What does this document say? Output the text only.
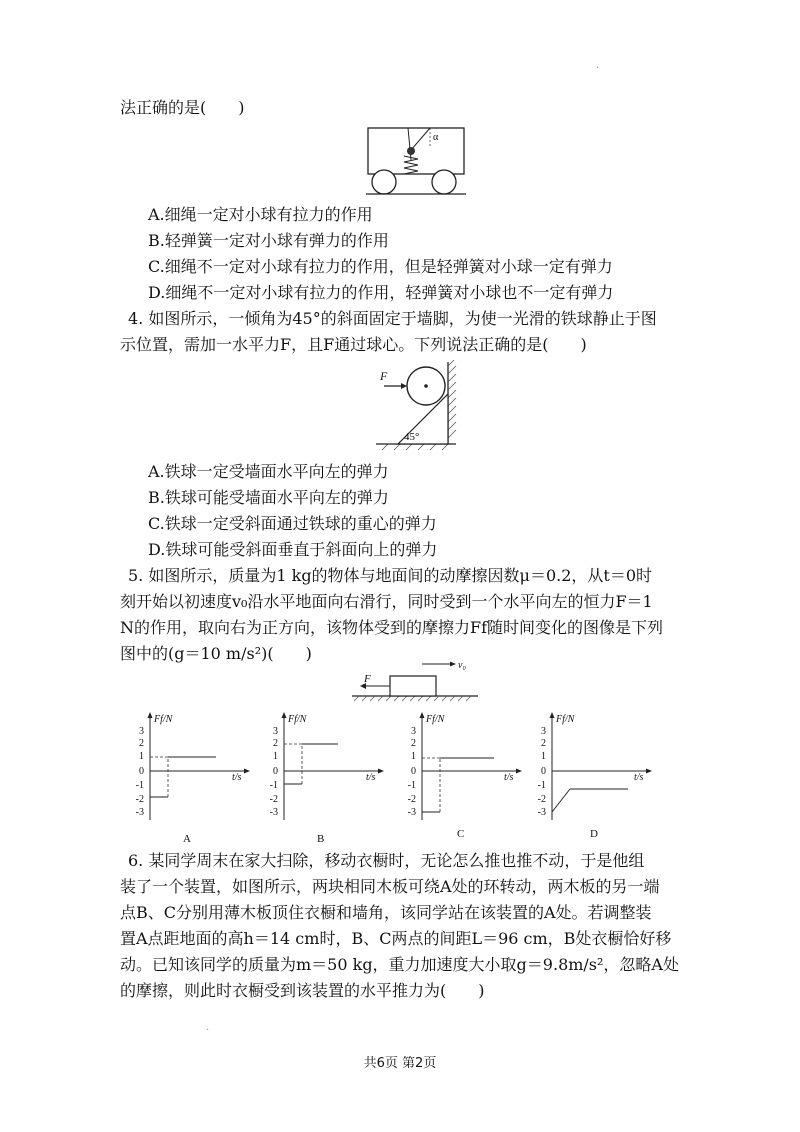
法正确的是(　　)
α
A.细绳一定对小球有拉力的作用
B.轻弹簧一定对小球有弹力的作用
C.细绳不一定对小球有拉力的作用，但是轻弹簧对小球一定有弹力
D.细绳不一定对小球有拉力的作用，轻弹簧对小球也不一定有弹力
4. 如图所示，一倾角为45°的斜面固定于墙脚，为使一光滑的铁球静止于图
示位置，需加一水平力F，且F通过球心。下列说法正确的是(　　)
F
45°
A.铁球一定受墙面水平向左的弹力
B.铁球可能受墙面水平向左的弹力
C.铁球一定受斜面通过铁球的重心的弹力
D.铁球可能受斜面垂直于斜面向上的弹力
5. 如图所示，质量为1 kg的物体与地面间的动摩擦因数μ＝0.2，从t＝0时
刻开始以初速度v₀沿水平地面向右滑行，同时受到一个水平向左的恒力F＝1
N的作用，取向右为正方向，该物体受到的摩擦力Ff随时间变化的图像是下列
图中的(g＝10 m/s²)(　　)
F
v₀
Ff/N
t/s
3
2
1
0
-1
-2
-3
A
Ff/N
t/s
3
2
1
0
-1
-2
-3
B
Ff/N
t/s
3
2
1
0
-1
-2
-3
C
Ff/N
t/s
3
2
1
0
-1
-2
-3
D
6. 某同学周末在家大扫除，移动衣橱时，无论怎么推也推不动，于是他组
装了一个装置，如图所示，两块相同木板可绕A处的环转动，两木板的另一端
点B、C分别用薄木板顶住衣橱和墙角，该同学站在该装置的A处。若调整装
置A点距地面的高h＝14 cm时，B、C两点的间距L＝96 cm，B处衣橱恰好移
动。已知该同学的质量为m＝50 kg，重力加速度大小取g＝9.8m/s²，忽略A处
的摩擦，则此时衣橱受到该装置的水平推力为(　　)
.
.
共6页 第2页
